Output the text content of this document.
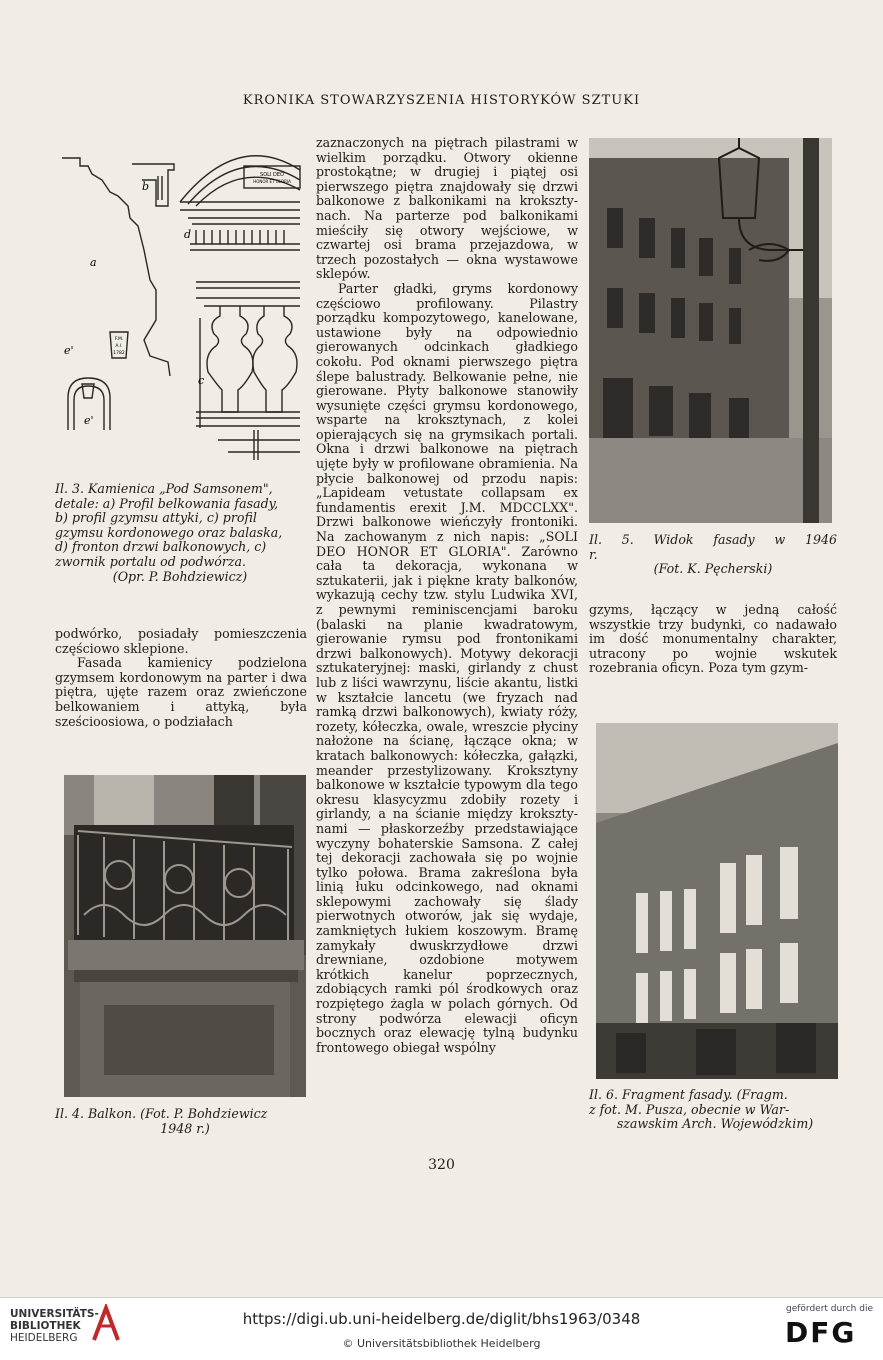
KRONIKA STOWARZYSZENIA HISTORYKÓW SZTUKI
b
a
d
c
e'
e'
SOLI DEO
HONOR ET GLORIA
F.M.
A.I.
1782
Il. 3. Kamienica „Pod Samsonem",
detale: a) Profil belkowania fasady,
b) profil gzymsu attyki, c) profil
gzymsu kordonowego oraz balaska,
d) fronton drzwi balkonowych, c)
zwornik portalu od podwórza.
(Opr. P. Bohdziewicz)

podwórko, posiadały pomieszczenia częściowo sklepione.

Fasada kamienicy podzielona gzymsem kordonowym na parter i dwa piętra, ujęte razem oraz zwieńczone belkowaniem i attyką, była sześcioosiowa, o podziałach

Il. 4. Balkon. (Fot. P. Bohdziewicz
1948 r.)

zaznaczonych na piętrach pilastrami w wielkim porządku. Otwory okienne prostokątne; w drugiej i piątej osi pierwszego piętra znajdowały się drzwi balkonowe z balkonikami na kroksztynach. Na parterze pod balkonikami mieściły się otwory wejściowe, w czwartej osi brama przejazdowa, w trzech pozostałych — okna wystawowe sklepów.

Parter gładki, gryms kordonowy częściowo profilowany. Pilastry porządku kompozytowego, kanelowane, ustawione były na odpowiednio gierowanych odcinkach gładkiego cokołu. Pod oknami pierwszego piętra ślepe balustrady. Belkowanie pełne, nie gierowane. Płyty balkonowe stanowiły wysunięte części grymsu kordonowego, wsparte na kroksztynach, z kolei opierających się na grymsikach portali. Okna i drzwi balkonowe na piętrach ujęte były w profilowane obramienia. Na płycie balkonowej od przodu napis: „Lapideam vetustate collapsam ex fundamentis erexit J.M. MDCCLXX". Drzwi balkonowe wieńczyły frontoniki. Na zachowanym z nich napis: „SOLI DEO HONOR ET GLORIA". Zarówno cała ta dekoracja, wykonana w sztukaterii, jak i piękne kraty balkonów, wykazują cechy tzw. stylu Ludwika XVI, z pewnymi reminiscencjami baroku (balaski na planie kwadratowym, gierowanie rymsu pod frontonikami drzwi balkonowych). Motywy dekoracji sztukateryjnej: maski, girlandy z chust lub z liści wawrzynu, liście akantu, listki w kształcie lancetu (we fryzach nad ramką drzwi balkonowych), kwiaty róży, rozety, kółeczka, owale, wreszcie płyciny nałożone na ścianę, łączące okna; w kratach balkonowych: kółeczka, gałązki, meander przestylizowany. Kroksztyny balkonowe w kształcie typowym dla tego okresu klasycyzmu zdobiły rozety i girlandy, a na ścianie między kroksztynami — płaskorzeźby przedstawiające wyczyny bohaterskie Samsona. Z całej tej dekoracji zachowała się po wojnie tylko połowa. Brama zakreślona była linią łuku odcinkowego, nad oknami sklepowymi zachowały się ślady pierwotnych otworów, jak się wydaje, zamkniętych łukiem koszowym. Bramę zamykały dwuskrzydłowe drzwi drewniane, ozdobione motywem krótkich kanelur poprzecznych, zdobiących ramki pól środkowych oraz rozpiętego żagla w polach górnych. Od strony podwórza elewacji oficyn bocznych oraz elewację tylną budynku frontowego obiegał wspólny

Il. 5. Widok fasady w 1946 r.
(Fot. K. Pęcherski)

gzyms, łączący w jedną całość wszystkie trzy budynki, co nadawało im dość monumentalny charakter, utracony po wojnie wskutek rozebrania oficyn. Poza tym gzym-

Il. 6. Fragment fasady. (Fragm.
z fot. M. Pusza, obecnie w War-
szawskim Arch. Wojewódzkim)
320
UNIVERSITÄTS-
BIBLIOTHEK
HEIDELBERG
https://digi.ub.uni-heidelberg.de/diglit/bhs1963/0348
© Universitätsbibliothek Heidelberg
gefördert durch die
DFG
